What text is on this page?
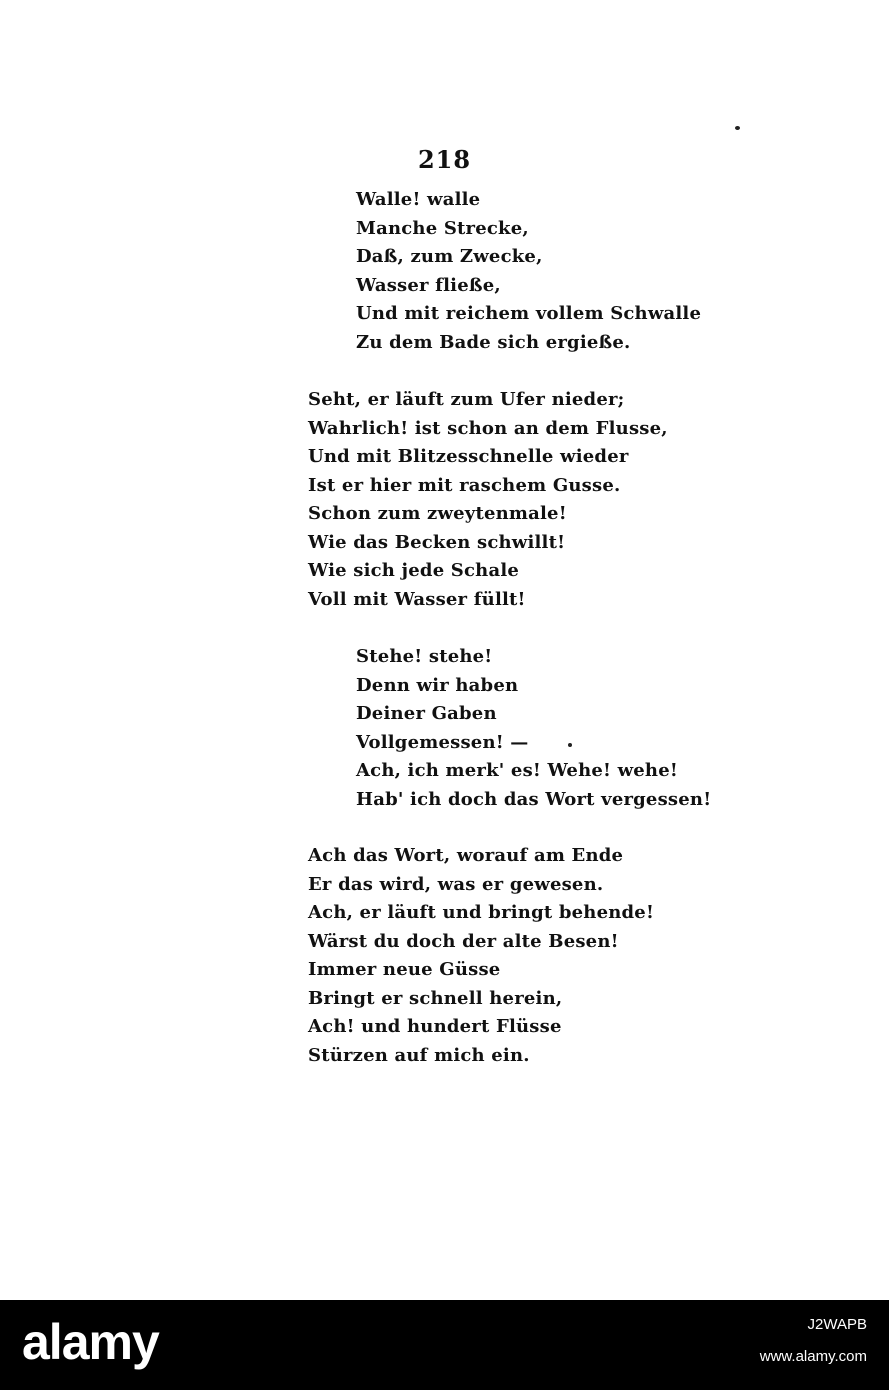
218
Walle! walle
Manche Strecke,
Daß, zum Zwecke,
Wasser fließe,
Und mit reichem vollem Schwalle
Zu dem Bade sich ergieße.
Seht, er läuft zum Ufer nieder;
Wahrlich! ist schon an dem Flusse,
Und mit Blitzesschnelle wieder
Ist er hier mit raschem Gusse.
Schon zum zweytenmale!
Wie das Becken schwillt!
Wie sich jede Schale
Voll mit Wasser füllt!
Stehe! stehe!
Denn wir haben
Deiner Gaben
Vollgemessen! —
Ach, ich merk' es! Wehe! wehe!
Hab' ich doch das Wort vergessen!
Ach das Wort, worauf am Ende
Er das wird, was er gewesen.
Ach, er läuft und bringt behende!
Wärst du doch der alte Besen!
Immer neue Güsse
Bringt er schnell herein,
Ach! und hundert Flüsse
Stürzen auf mich ein.
alamy	J2WAPB
www.alamy.com
